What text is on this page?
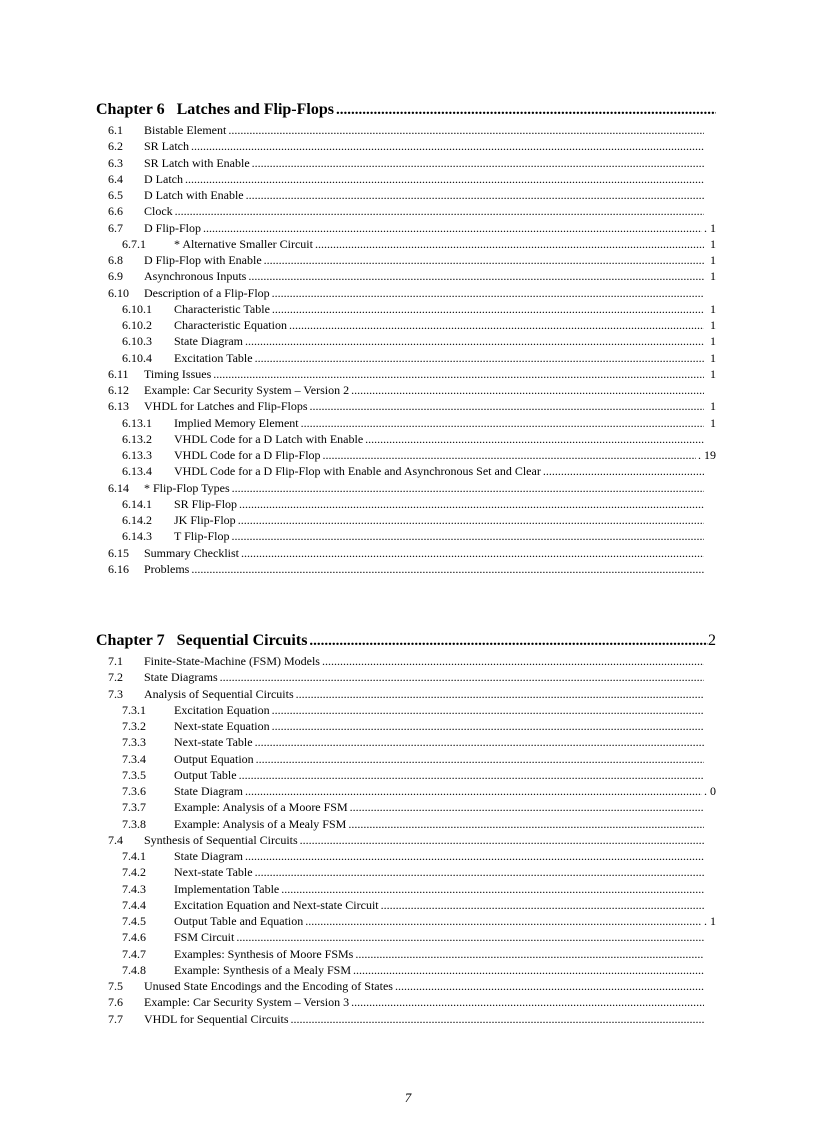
Chapter 6 Latches and Flip-Flops
.....
6.1	Bistable Element
.....
6.2	SR Latch
.....
6.3	SR Latch with Enable
.....
6.4	D Latch
.....
6.5	D Latch with Enable
.....
6.6	Clock
.....
6.7	D Flip-Flop .....	. 1
6.7.1	* Alternative Smaller Circuit .....	1
6.8	D Flip-Flop with Enable .....	1
6.9	Asynchronous Inputs .....	1
6.10	Description of a Flip-Flop
.....
6.10.1	Characteristic Table .....	1
6.10.2	Characteristic Equation .....	1
6.10.3	State Diagram .....	1
6.10.4	Excitation Table .....	1
6.11	Timing Issues .....	1
6.12	Example: Car Security System – Version 2
.....
6.13	VHDL for Latches and Flip-Flops .....	1
6.13.1	Implied Memory Element .....	1
6.13.2	VHDL Code for a D Latch with Enable
.....
6.13.3	VHDL Code for a D Flip-Flop .....	. 19
6.13.4	VHDL Code for a D Flip-Flop with Enable and Asynchronous Set and Clear
.....
6.14	* Flip-Flop Types
.....
6.14.1	SR Flip-Flop
.....
6.14.2	JK Flip-Flop
.....
6.14.3	T Flip-Flop
.....
6.15	Summary Checklist
.....
6.16	Problems
.....
Chapter 7 Sequential Circuits .....	2
7.1	Finite-State-Machine (FSM) Models
.....
7.2	State Diagrams
.....
7.3	Analysis of Sequential Circuits
.....
7.3.1	Excitation Equation
.....
7.3.2	Next-state Equation
.....
7.3.3	Next-state Table
.....
7.3.4	Output Equation
.....
7.3.5	Output Table
.....
7.3.6	State Diagram .....	. 0
7.3.7	Example: Analysis of a Moore FSM
.....
7.3.8	Example: Analysis of a Mealy FSM
.....
7.4	Synthesis of Sequential Circuits
.....
7.4.1	State Diagram
.....
7.4.2	Next-state Table
.....
7.4.3	Implementation Table
.....
7.4.4	Excitation Equation and Next-state Circuit
.....
7.4.5	Output Table and Equation .....	. 1
7.4.6	FSM Circuit
.....
7.4.7	Examples: Synthesis of Moore FSMs
.....
7.4.8	Example: Synthesis of a Mealy FSM
.....
7.5	Unused State Encodings and the Encoding of States
.....
7.6	Example: Car Security System – Version 3
.....
7.7	VHDL for Sequential Circuits
.....
7
